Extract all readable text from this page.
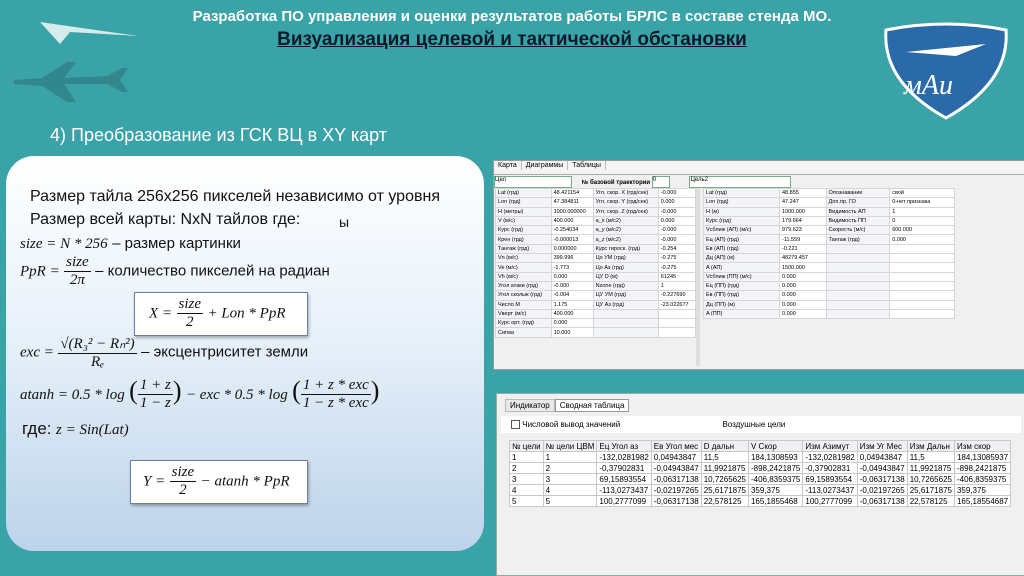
Разработка ПО управления и оценки результатов работы БРЛС в составе стенда МО.
Визуализация целевой и тактической обстановки
мАи
4) Преобразование из ГСК ВЦ в XY карт
Размер тайла 256x256 пикселей независимо от уровня
Размер всей карты: NxN тайлов где:	ы
size = N * 256 – размер картинки
PpR = $\frac{\text{size}}{2\pi}$ – количество пикселей на радиан
$X = \frac{\text{size}}{2}$ + Lon * PpR
exc = $\frac{\text{√(R₃² − Rₙ²)}}{\text{Rₑ}}$ – эксцентриситет земли
atanh = 0.5 * log ( $\frac{1 + z}{1 - z}$ ) − exc * 0.5 * log ( $\frac{\text{1 + z * exc}}{\text{1 − z * exc}}$ )
где: z = Sin(Lat)
$Y = \frac{\text{size}}{2} - atanh$ * PpR
Карта Диаграммы Таблицы
Цел	№ базовой траектории 0	Цель2
Lat (грд)	48.421154	Угл. скор. X (грд/сек)	-0.000
Lon (грд)	47.384811	Угл. скор. Y (грд/сек)	0.000
H (метры)	1000.000000	Угл. скор. Z (грд/сек)	-0.000
V (м/с)	400.000	a_x (м/с2)	0.000
Курс (грд)	-0.254034	a_y (м/с2)	-0.000
Крен (грд)	-0.000013	a_z (м/с2)	-0.000
Тангаж (грд)	0.000000	Курс гироск. (грд)	-0.254
Vn (м/с)	399.996	Цо УМ (грд)	-0.275
Ve (м/с)	-1.773	Цо Аз (грд)	-0.275
Vh (м/с)	0.000	ЦУ D (м)	61245
Угол атаки (грд)	-0.000	Nzone (грд)	1
Угол скольж (грд)	-0.004	ЦУ УМ (грд)	-0.227690
Число M	1.175	ЦУ Аз (грд)	-23.022677
Vверт (м/с)	400.000		
Курс орт. (грд)	0.000		
Сигма	10.000		
Lat (грд)	48.855	Опознавание	свой
Lon (грд)	47.247	Доп.пр. ГО	0-нет признака
H (м)	1000.000	Видимость АП	1
Курс (грд)	179.664	Видимость ПП	0
Vсближ (АП) (м/с)	979.623	Скорость (м/с)	600.000
Eц (АП) (грд)	-11.559	Тангаж (грд)	0.000
Eв (АП) (грд)	-0.221		
Дц (АП) (м)	48279.457		
A (АП)	1500.000		
Vсближ (ПП) (м/с)	0.000		
Eц (ПП) (грд)	0.000		
Eв (ПП) (грд)	0.000		
Дц (ПП) (м)	0.000		
A (ПП)	0.000		
Индикатор Сводная таблица
Числовой вывод значений	Воздушные цели
№ цели	№ цели ЦВМ	Eц Угол аз	Eв Угол мес	D дальн	V Скор	Изм Азимут	Изм Уг Мес	Изм Дальн	Изм скор
1	1	-132,0281982	0,04943847	11,5	184,1308593	-132,0281982	0,04943847	11,5	184,13085937
2	2	-0,37902831	-0,04943847	11,9921875	-898,2421875	-0,37902831	-0,04943847	11,9921875	-898,2421875
3	3	69,15893554	-0,06317138	10,7265625	-406,8359375	69,15893554	-0,06317138	10,7265625	-406,8359375
4	4	-113,0273437	-0,02197265	25,6171875	359,375	-113,0273437	-0,02197265	25,6171875	359,375
5	5	100,2777099	-0,06317138	22,578125	165,1855468	100,2777099	-0,06317138	22,578125	165,18554687
